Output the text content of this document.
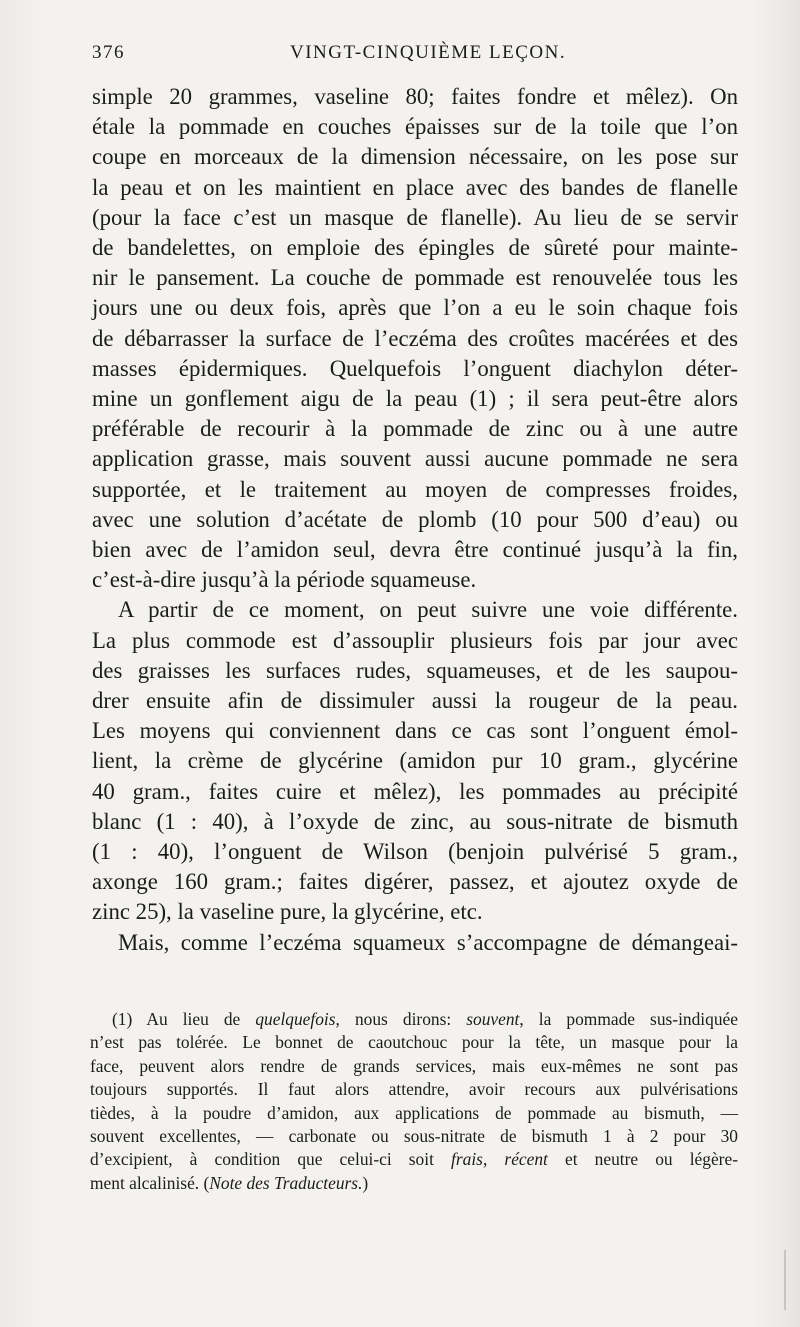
376	VINGT-CINQUIÈME LEÇON.

simple 20 grammes, vaseline 80; faites fondre et mêlez). On

étale la pommade en couches épaisses sur de la toile que l’on

coupe en morceaux de la dimension nécessaire, on les pose sur

la peau et on les maintient en place avec des bandes de flanelle

(pour la face c’est un masque de flanelle). Au lieu de se servir

de bandelettes, on emploie des épingles de sûreté pour mainte-

nir le pansement. La couche de pommade est renouvelée tous les

jours une ou deux fois, après que l’on a eu le soin chaque fois

de débarrasser la surface de l’eczéma des croûtes macérées et des

masses épidermiques. Quelquefois l’onguent diachylon déter-

mine un gonflement aigu de la peau (1) ; il sera peut-être alors

préférable de recourir à la pommade de zinc ou à une autre

application grasse, mais souvent aussi aucune pommade ne sera

supportée, et le traitement au moyen de compresses froides,

avec une solution d’acétate de plomb (10 pour 500 d’eau) ou

bien avec de l’amidon seul, devra être continué jusqu’à la fin,

c’est-à-dire jusqu’à la période squameuse.

A partir de ce moment, on peut suivre une voie différente.

La plus commode est d’assouplir plusieurs fois par jour avec

des graisses les surfaces rudes, squameuses, et de les saupou-

drer ensuite afin de dissimuler aussi la rougeur de la peau.

Les moyens qui conviennent dans ce cas sont l’onguent émol-

lient, la crème de glycérine (amidon pur 10 gram., glycérine

40 gram., faites cuire et mêlez), les pommades au précipité

blanc (1 : 40), à l’oxyde de zinc, au sous-nitrate de bismuth

(1 : 40), l’onguent de Wilson (benjoin pulvérisé 5 gram.,

axonge 160 gram.; faites digérer, passez, et ajoutez oxyde de

zinc 25), la vaseline pure, la glycérine, etc.

Mais, comme l’eczéma squameux s’accompagne de démangeai-

(1) Au lieu de quelquefois, nous dirons: souvent, la pommade sus-indiquée

n’est pas tolérée. Le bonnet de caoutchouc pour la tête, un masque pour la

face, peuvent alors rendre de grands services, mais eux-mêmes ne sont pas

toujours supportés. Il faut alors attendre, avoir recours aux pulvérisations

tièdes, à la poudre d’amidon, aux applications de pommade au bismuth, —

souvent excellentes, — carbonate ou sous-nitrate de bismuth 1 à 2 pour 30

d’excipient, à condition que celui-ci soit frais, récent et neutre ou légère-

ment alcalinisé. (Note des Traducteurs.)
